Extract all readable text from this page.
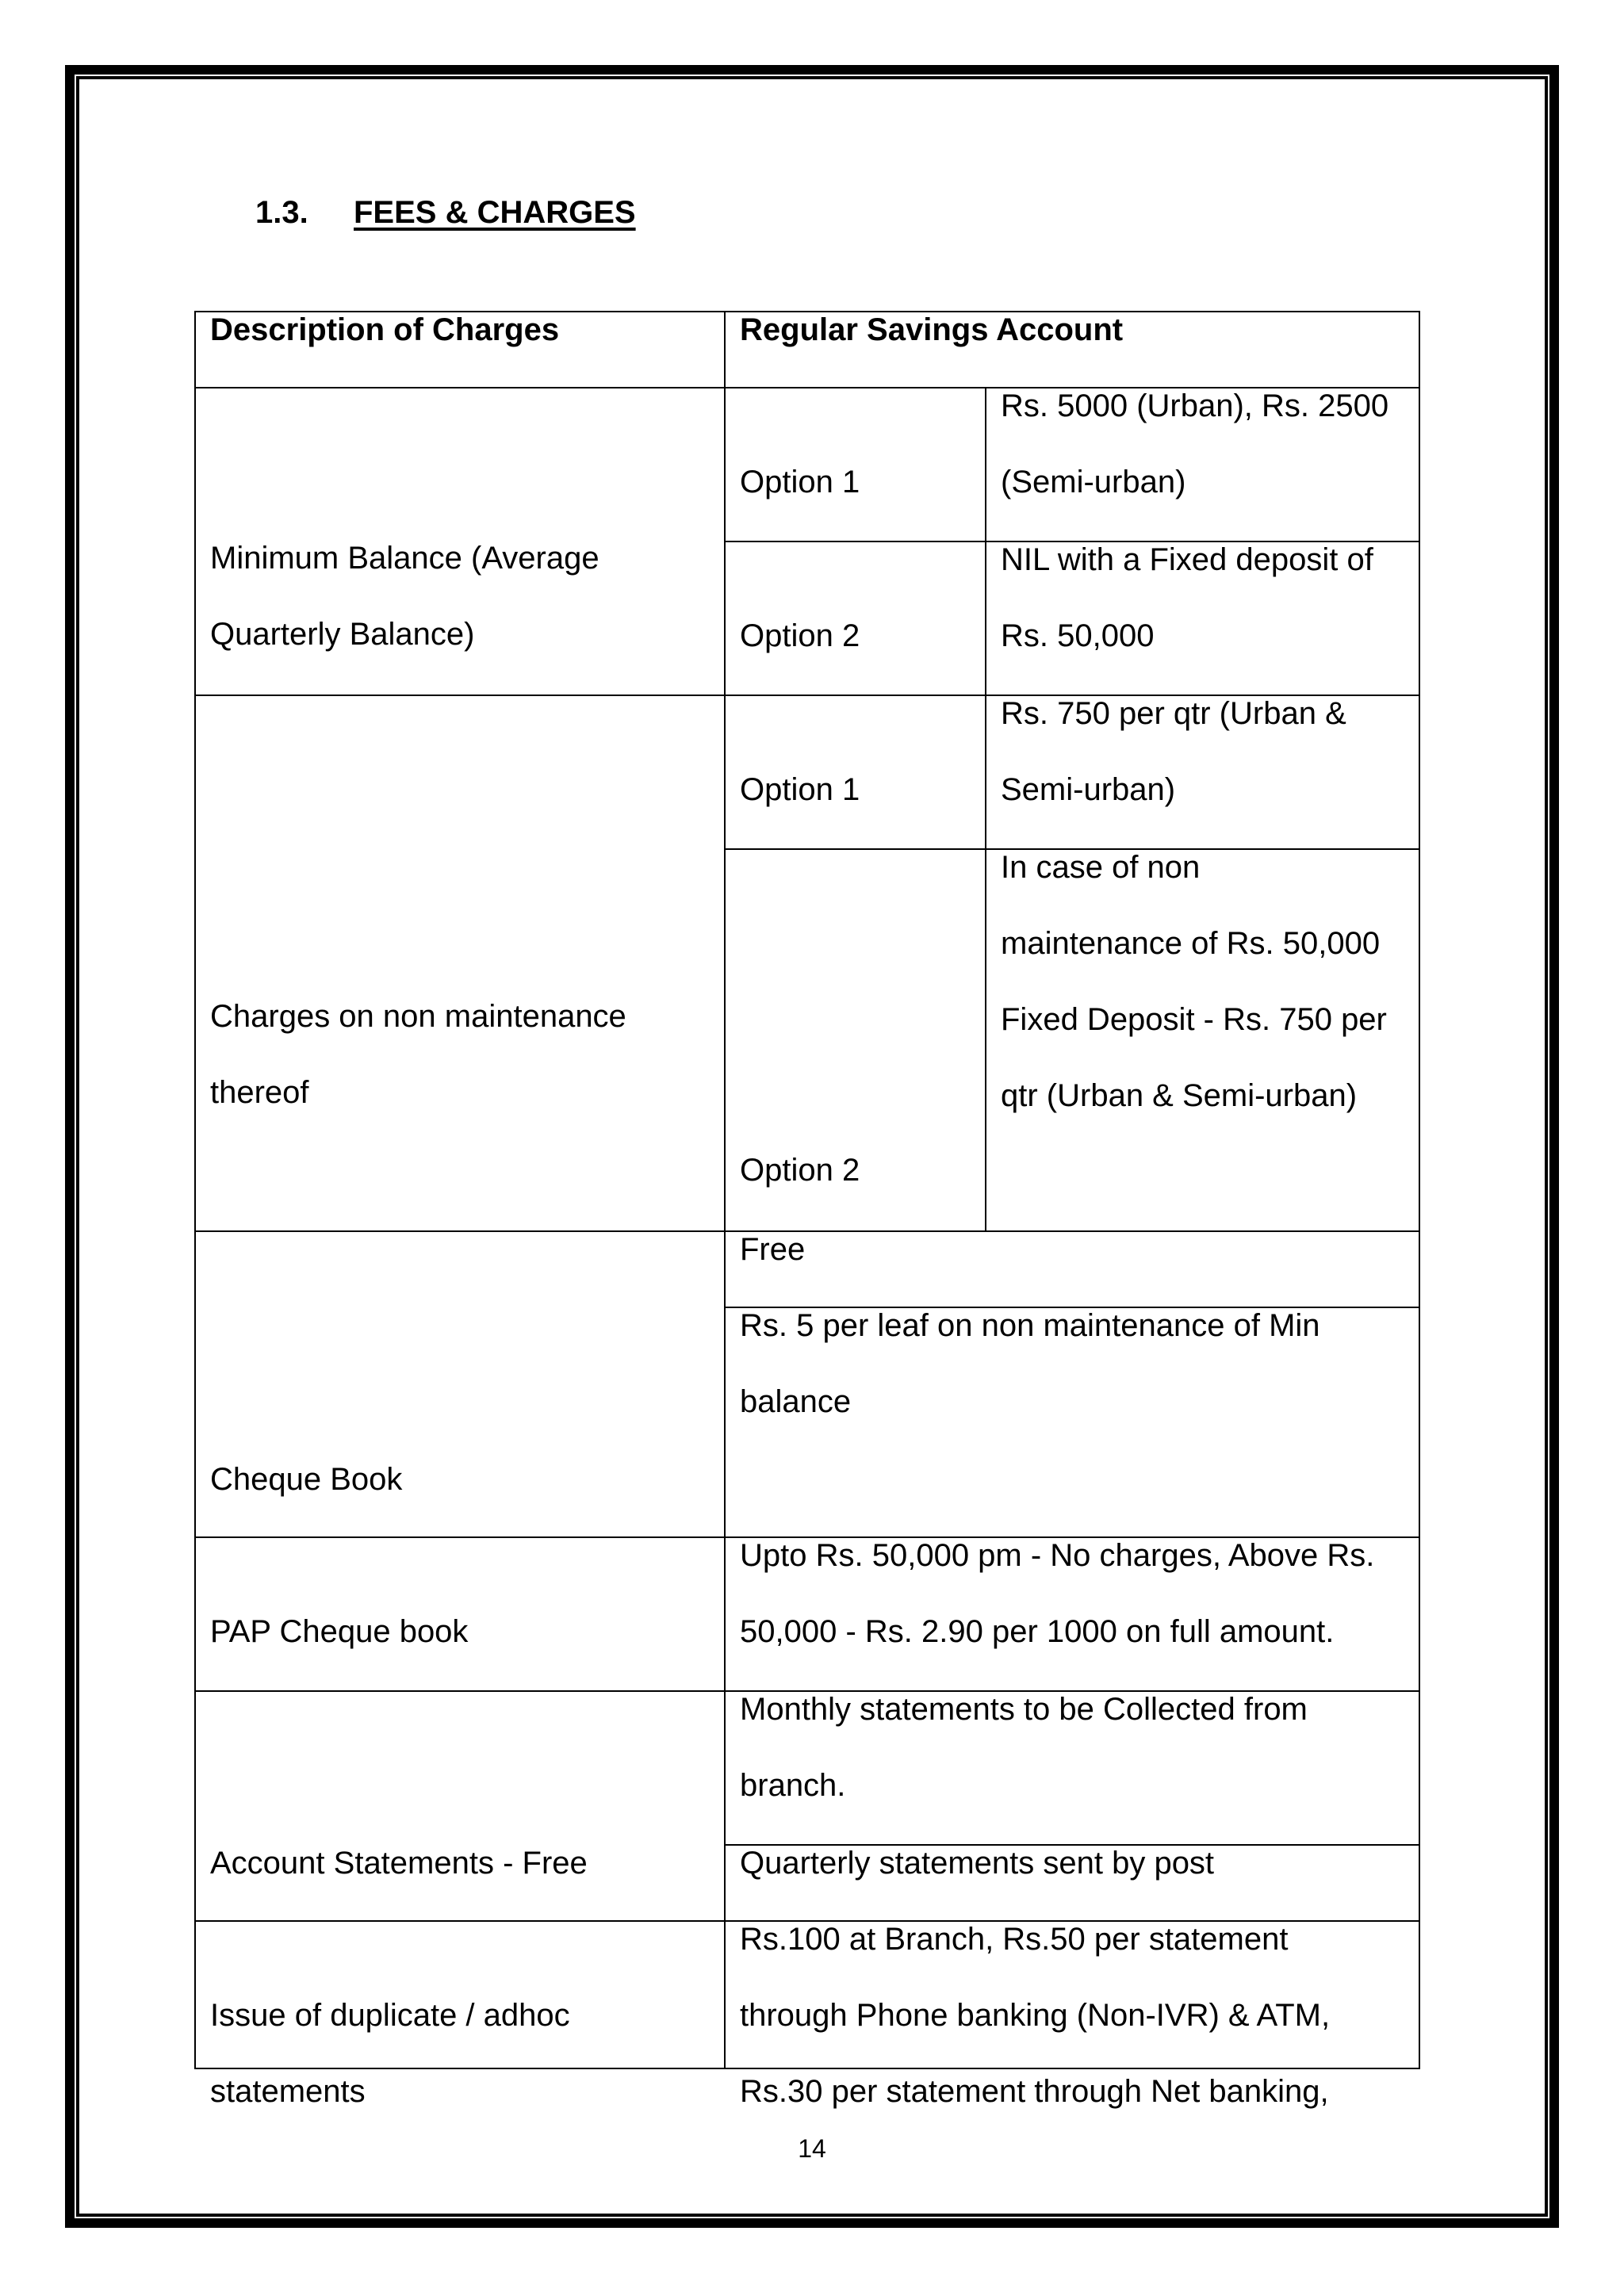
1.3. FEES & CHARGES
Description of Charges	Regular Savings Account
Minimum Balance (Average
Quarterly Balance)
Option 1
Rs. 5000 (Urban), Rs. 2500
(Semi-urban)
Option 2
NIL with a Fixed deposit of
Rs. 50,000
Charges on non maintenance
thereof
Option 1
Rs. 750 per qtr (Urban &
Semi-urban)
Option 2
In case of non
maintenance of Rs. 50,000
Fixed Deposit - Rs. 750 per
qtr (Urban & Semi-urban)
Cheque Book
Free
Rs. 5 per leaf on non maintenance of Min
balance
PAP Cheque book
Upto Rs. 50,000 pm - No charges, Above Rs.
50,000 - Rs. 2.90 per 1000 on full amount.
Account Statements - Free
Monthly statements to be Collected from
branch.
Quarterly statements sent by post
Issue of duplicate / adhoc
statements
Rs.100 at Branch, Rs.50 per statement
through Phone banking (Non-IVR) & ATM,
Rs.30 per statement through Net banking,
14
